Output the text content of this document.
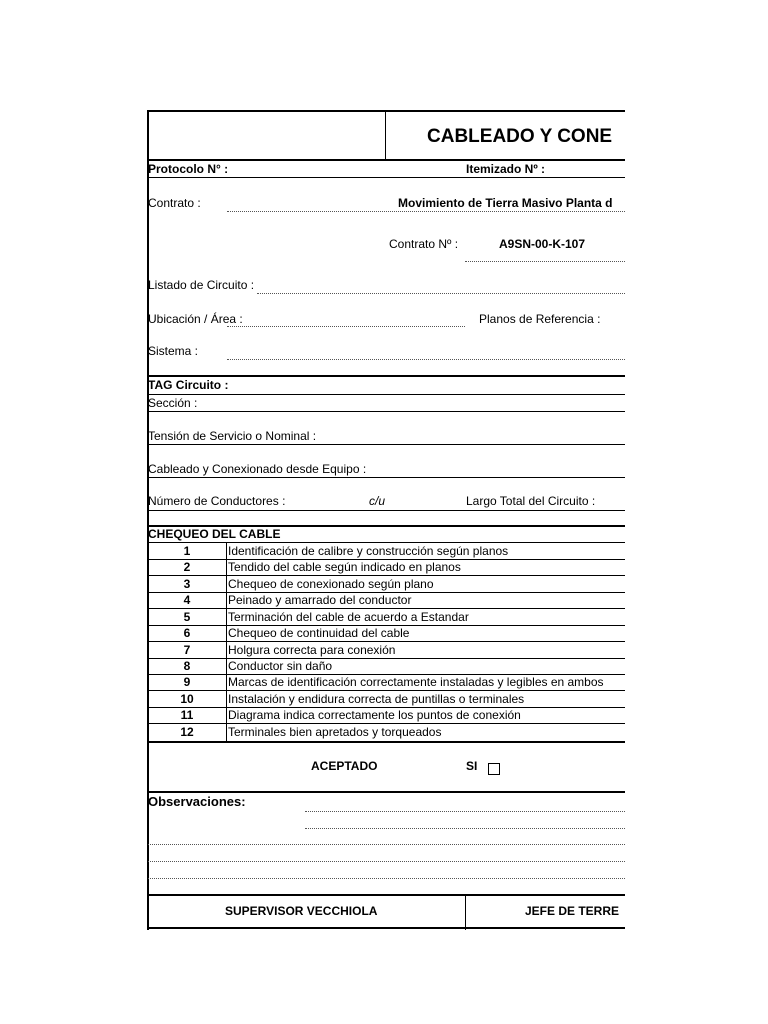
CABLEADO Y CONE
Protocolo N° :	Itemizado Nº :
Contrato :	Movimiento de Tierra Masivo Planta d
Contrato Nº :	A9SN-00-K-107
Listado de Circuito :
Ubicación / Área :	Planos de Referencia :
Sistema :
TAG Circuito :
Sección :
Tensión de Servicio o Nominal :
Cableado y Conexionado desde Equipo :
Número de Conductores :	c/u	Largo Total del Circuito :
CHEQUEO DEL CABLE
1	Identificación de calibre y construcción según planos
2	Tendido del cable según indicado en planos
3	Chequeo de conexionado según plano
4	Peinado y amarrado del conductor
5	Terminación del cable de acuerdo a Estandar
6	Chequeo de continuidad del cable
7	Holgura correcta para conexión
8	Conductor sin daño
9	Marcas de identificación correctamente instaladas y legibles en ambos
10	Instalación y endidura correcta de puntillas o terminales
11	Diagrama indica correctamente los puntos de conexión
12	Terminales bien apretados y torqueados
ACEPTADO	SI
Observaciones:
SUPERVISOR VECCHIOLA	JEFE DE TERRE
